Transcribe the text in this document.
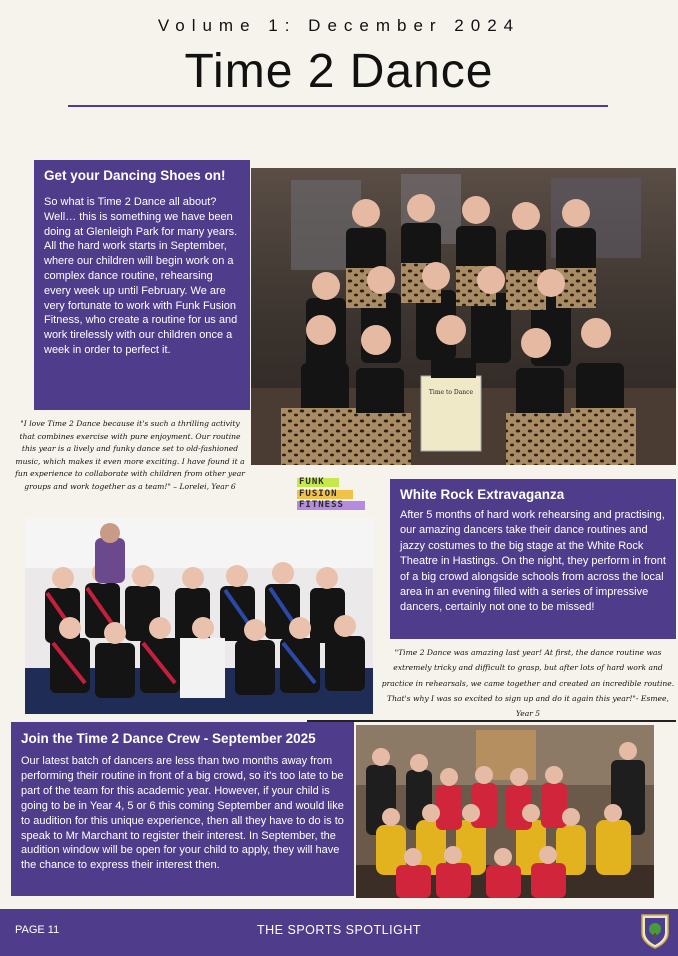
Volume 1: December 2024
Time 2 Dance
Get your Dancing Shoes on!

So what is Time 2 Dance all about? Well… this is something we have been doing at Glenleigh Park for many years. All the hard work starts in September, where our children will begin work on a complex dance routine, rehearsing every week up until February. We are very fortunate to work with Funk Fusion Fitness, who create a routine for us and work tirelessly with our children once a week in order to perfect it.

Time to Dance
"I love Time 2 Dance because it's such a thrilling activity that combines exercise with pure enjoyment. Our routine this year is a lively and funky dance set to old-fashioned music, which makes it even more exciting. I have found it a fun experience to collaborate with children from other year groups and work together as a team!" – Lorelei, Year 6	FUNK
FUSION
FITNESS
White Rock Extravaganza

After 5 months of hard work rehearsing and practising, our amazing dancers take their dance routines and jazzy costumes to the big stage at the White Rock Theatre in Hastings. On the night, they perform in front of a big crowd alongside schools from across the local area in an evening filled with a series of impressive dancers, certainly not one to be missed!

"Time 2 Dance was amazing last year! At first, the dance routine was extremely tricky and difficult to grasp, but after lots of hard work and practice in rehearsals, we came together and created an incredible routine. That's why I was so excited to sign up and do it again this year!"- Esmee, Year 5
Join the Time 2 Dance Crew - September 2025

Our latest batch of dancers are less than two months away from performing their routine in front of a big crowd, so it's too late to be part of the team for this academic year. However, if your child is going to be in Year 4, 5 or 6 this coming September and would like to audition for this unique experience, then all they have to do is to speak to Mr Marchant to register their interest. In September, the audition window will be open for your child to apply, they will have the chance to express their interest then.

PAGE 11	THE SPORTS SPOTLIGHT
